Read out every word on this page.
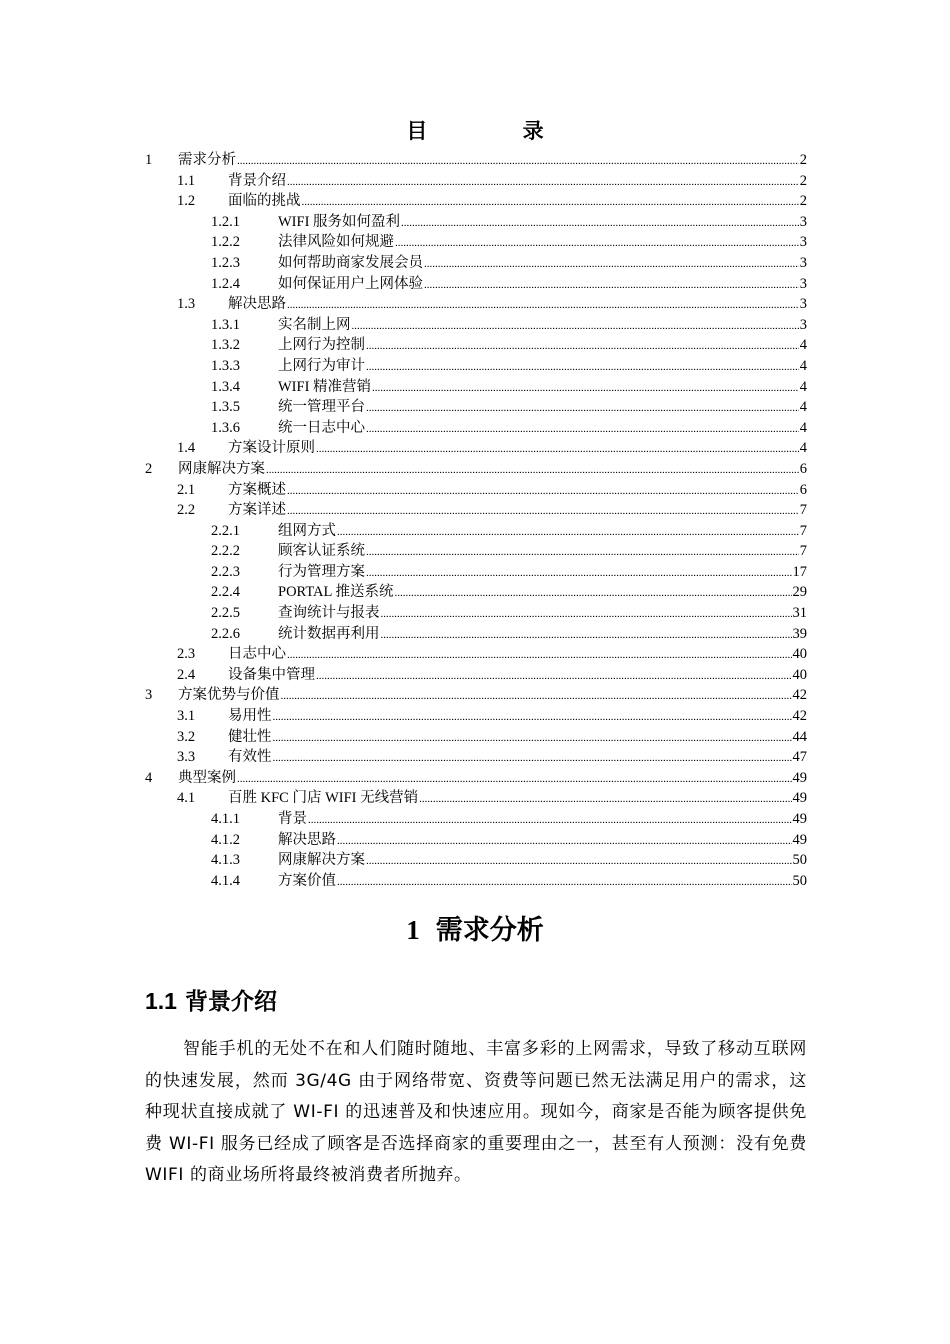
目 录
1	需求分析 .....	2
1.1	背景介绍 .....	2
1.2	面临的挑战 .....	2
1.2.1	WIFI 服务如何盈利 .....	3
1.2.2	法律风险如何规避 .....	3
1.2.3	如何帮助商家发展会员 .....	3
1.2.4	如何保证用户上网体验 .....	3
1.3	解决思路 .....	3
1.3.1	实名制上网 .....	3
1.3.2	上网行为控制 .....	4
1.3.3	上网行为审计 .....	4
1.3.4	WIFI 精准营销 .....	4
1.3.5	统一管理平台 .....	4
1.3.6	统一日志中心 .....	4
1.4	方案设计原则 .....	4
2	网康解决方案 .....	6
2.1	方案概述 .....	6
2.2	方案详述 .....	7
2.2.1	组网方式 .....	7
2.2.2	顾客认证系统 .....	7
2.2.3	行为管理方案 .....	17
2.2.4	PORTAL 推送系统 .....	29
2.2.5	查询统计与报表 .....	31
2.2.6	统计数据再利用 .....	39
2.3	日志中心 .....	40
2.4	设备集中管理 .....	40
3	方案优势与价值 .....	42
3.1	易用性 .....	42
3.2	健壮性 .....	44
3.3	有效性 .....	47
4	典型案例 .....	49
4.1	百胜 KFC 门店 WIFI 无线营销 .....	49
4.1.1	背景 .....	49
4.1.2	解决思路 .....	49
4.1.3	网康解决方案 .....	50
4.1.4	方案价值 .....	50
1 需求分析
1.1 背景介绍
智能手机的无处不在和人们随时随地、丰富多彩的上网需求，导致了移动互联网的快速发展，然而 3G/4G 由于网络带宽、资费等问题已然无法满足用户的需求，这种现状直接成就了 WI-FI 的迅速普及和快速应用。现如今，商家是否能为顾客提供免费 WI-FI 服务已经成了顾客是否选择商家的重要理由之一，甚至有人预测：没有免费 WIFI 的商业场所将最终被消费者所抛弃。
